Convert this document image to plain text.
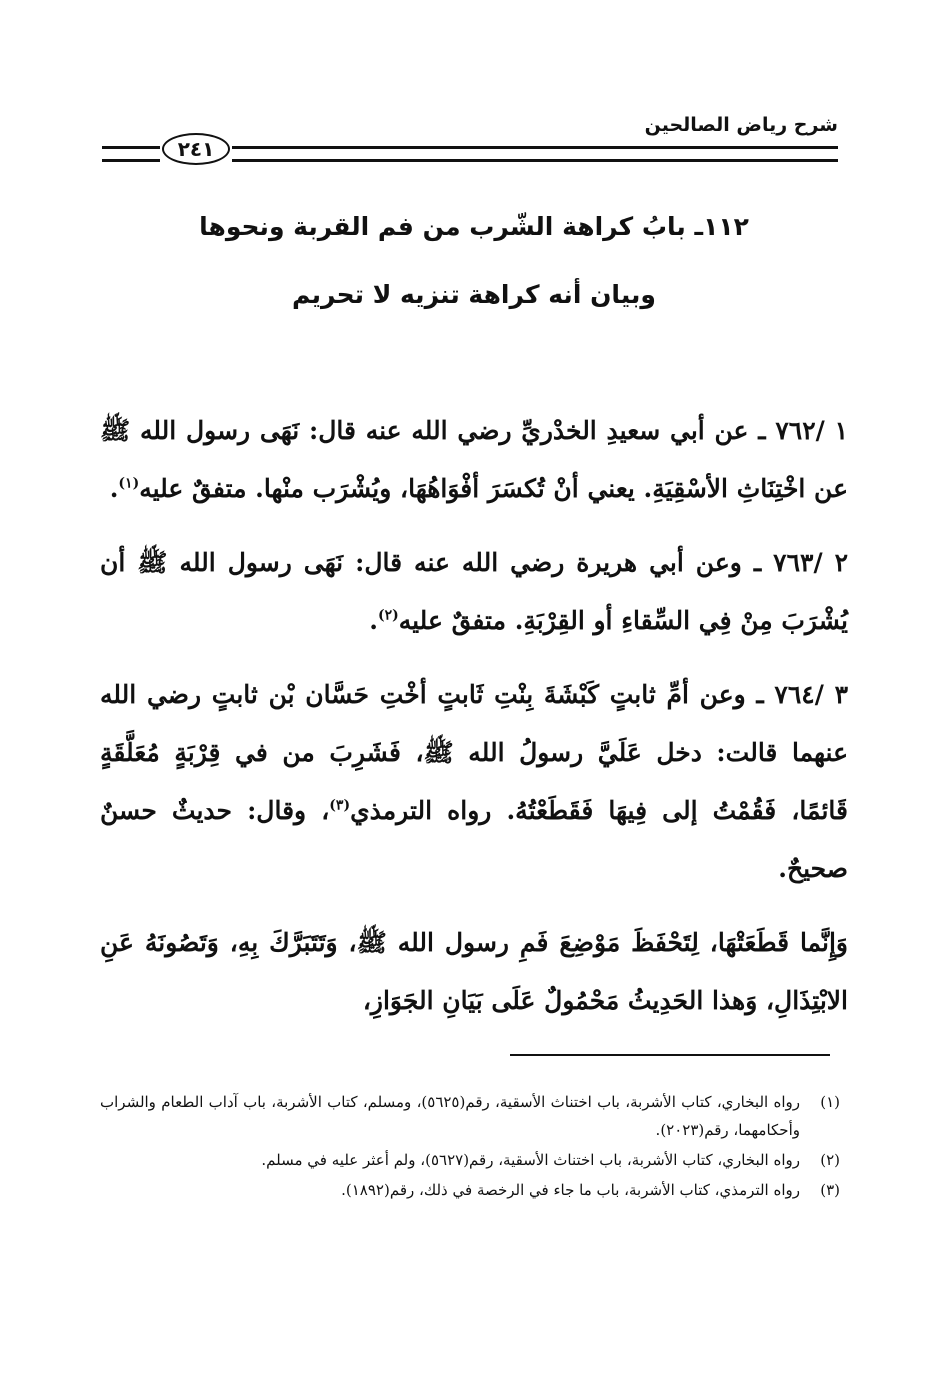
شرح رياض الصالحين
٢٤١
١١٢ـ بابُ كراهة الشّرب من فم القربة ونحوها
وبيان أنه كراهة تنزيه لا تحريم

١ /٧٦٢ ـ عن أبي سعيدِ الخدْريِّ رضي الله عنه قال: نَهَى رسول الله ﷺ عن اخْتِنَاثِ الأسْقِيَةِ. يعني أنْ تُكسَرَ أفْوَاهُهَا، ويُشْرَب منْها. متفقٌ عليه$^{(١)}$.

٢ /٧٦٣ ـ وعن أبي هريرة رضي الله عنه قال: نَهَى رسول الله ﷺ أن يُشْرَبَ مِنْ فِي السِّقاءِ أو القِرْبَةِ. متفقٌ عليه$^{(٢)}$.

٣ /٧٦٤ ـ وعن أمِّ ثابتٍ كَبْشَةَ بِنْتِ ثَابتٍ أخْتِ حَسَّان بْن ثابتٍ رضي الله عنهما قالت: دخل عَلَيَّ رسولُ الله ﷺ، فَشَرِبَ من في قِرْبَةٍ مُعَلَّقَةٍ قَائمًا، فَقُمْتُ إلى فِيهَا فَقَطَعْتُهُ. رواه الترمذي$^{(٣)}$، وقال: حديثٌ حسنٌ صحيحٌ.

وَإِنَّما قَطَعَتْهَا، لِتَحْفَظَ مَوْضِعَ فَمِ رسول الله ﷺ، وَتَتَبَرَّكَ بِهِ، وَتَصُونَهُ عَنِ الابْتِذَالِ، وَهذا الحَدِيثُ مَحْمُولٌ عَلَى بَيَانِ الجَوَازِ،

(١)
رواه البخاري، كتاب الأشربة، باب اختناث الأسقية، رقم(٥٦٢٥)، ومسلم، كتاب الأشربة، باب آداب الطعام والشراب وأحكامهما، رقم(٢٠٢٣).
(٢)
رواه البخاري، كتاب الأشربة، باب اختناث الأسقية، رقم(٥٦٢٧)، ولم أعثر عليه في مسلم.
(٣)
رواه الترمذي، كتاب الأشربة، باب ما جاء في الرخصة في ذلك، رقم(١٨٩٢).
